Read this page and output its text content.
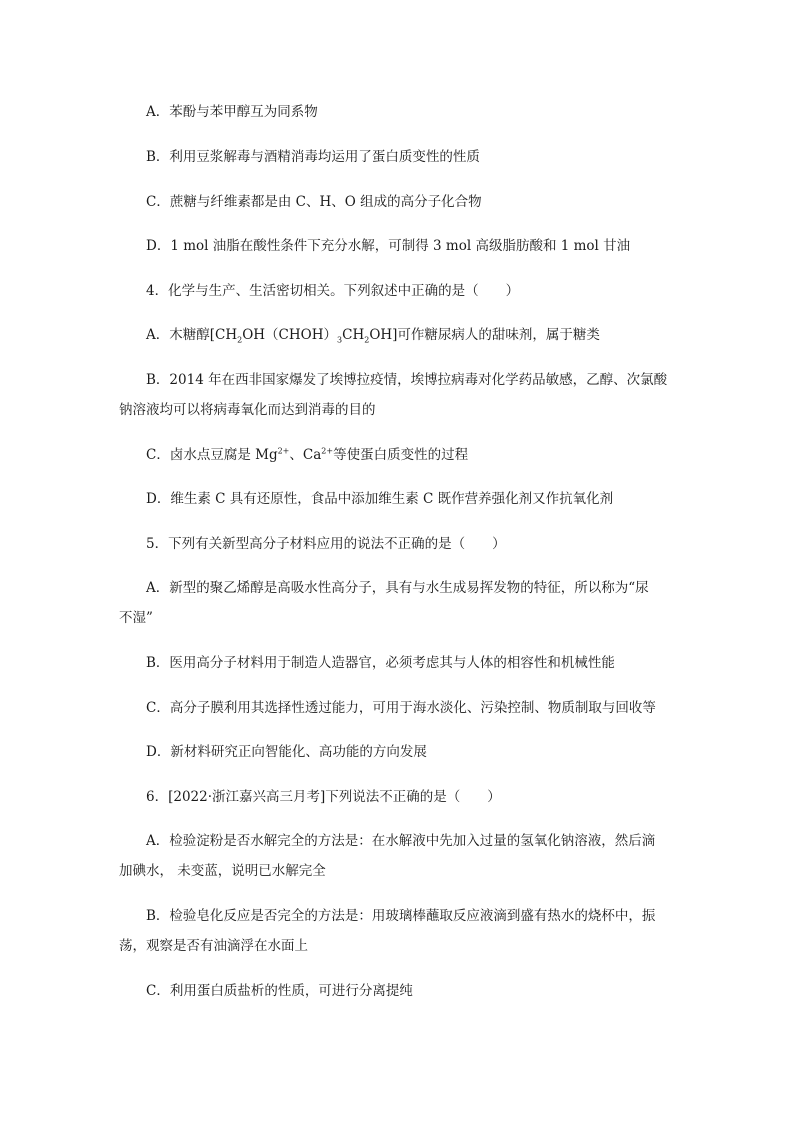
A．苯酚与苯甲醇互为同系物
B．利用豆浆解毒与酒精消毒均运用了蛋白质变性的性质
C．蔗糖与纤维素都是由 C、H、O 组成的高分子化合物
D．1 mol 油脂在酸性条件下充分水解，可制得 3 mol 高级脂肪酸和 1 mol 甘油
4．化学与生产、生活密切相关。下列叙述中正确的是（　　）
A．木糖醇$[CH_2OH(CHOH)_3CH_2OH]$可作糖尿病人的甜味剂，属于糖类
B．2014 年在西非国家爆发了埃博拉疫情，埃博拉病毒对化学药品敏感，乙醇、次氯酸
钠溶液均可以将病毒氧化而达到消毒的目的
C．卤水点豆腐是 $Mg^{2+}$、$Ca^{2+}$等使蛋白质变性的过程
D．维生素 C 具有还原性，食品中添加维生素 C 既作营养强化剂又作抗氧化剂
5．下列有关新型高分子材料应用的说法不正确的是（　　）
A．新型的聚乙烯醇是高吸水性高分子，具有与水生成易挥发物的特征，所以称为“尿
不湿”
B．医用高分子材料用于制造人造器官，必须考虑其与人体的相容性和机械性能
C．高分子膜利用其选择性透过能力，可用于海水淡化、污染控制、物质制取与回收等
D．新材料研究正向智能化、高功能的方向发展
6．[2022·浙江嘉兴高三月考]下列说法不正确的是（　　）
A．检验淀粉是否水解完全的方法是：在水解液中先加入过量的氢氧化钠溶液，然后滴
加碘水， 未变蓝，说明已水解完全
B．检验皂化反应是否完全的方法是：用玻璃棒蘸取反应液滴到盛有热水的烧杯中，振
荡，观察是否有油滴浮在水面上
C．利用蛋白质盐析的性质，可进行分离提纯
